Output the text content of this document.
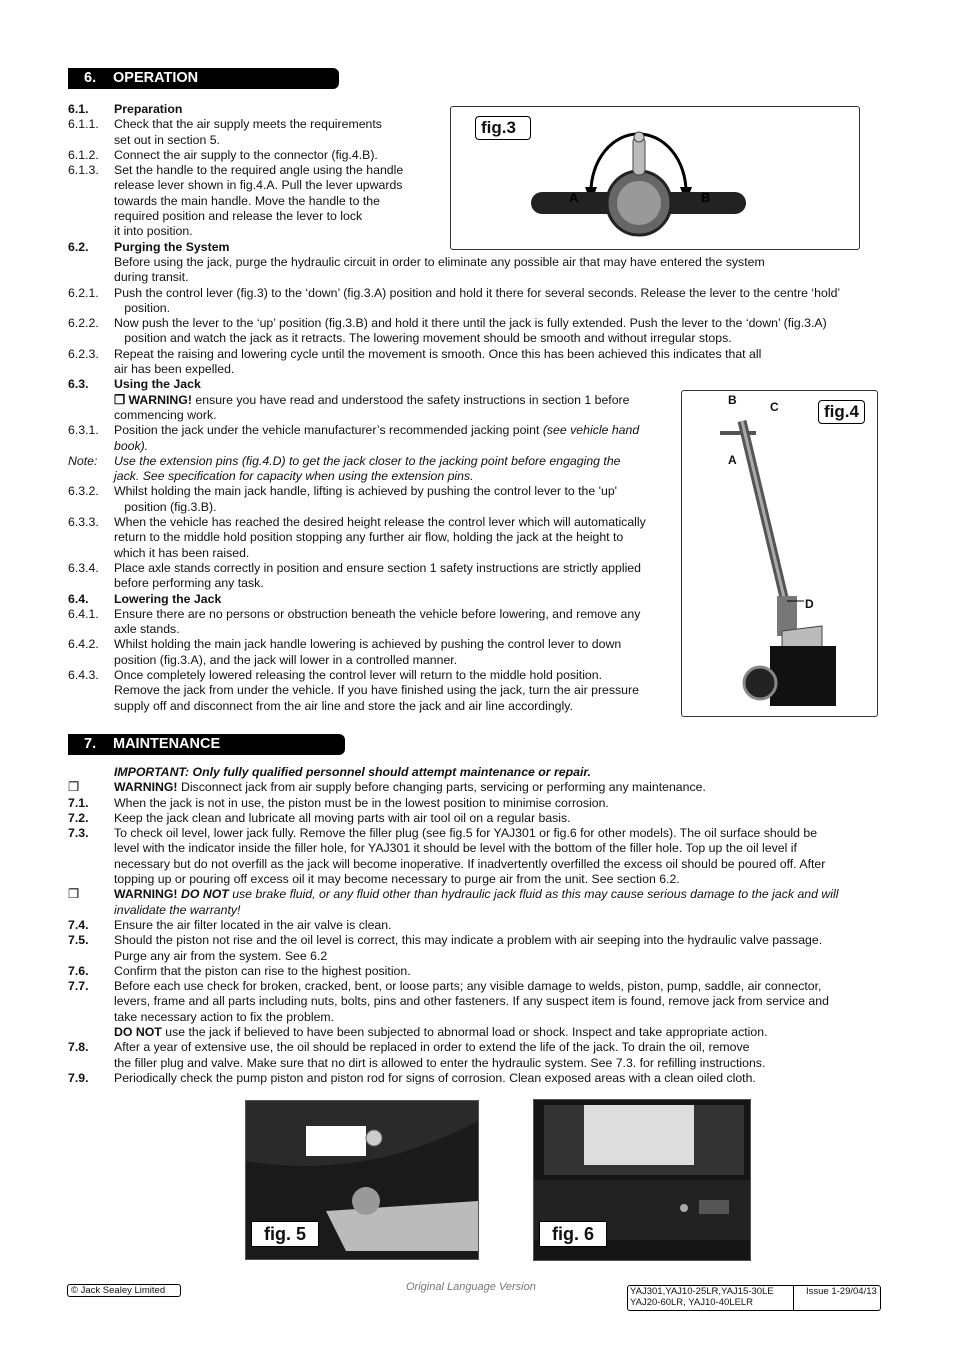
6. OPERATION
6.1.	Preparation
6.1.1.	Check that the air supply meets the requirements
set out in section 5.
6.1.2.	Connect the air supply to the connector (fig.4.B).
6.1.3.	Set the handle to the required angle using the handle
release lever shown in fig.4.A. Pull the lever upwards
towards the main handle. Move the handle to the
required position and release the lever to lock
it into position.
6.2.	Purging the System
Before using the jack, purge the hydraulic circuit in order to eliminate any possible air that may have entered the system
during transit.
6.2.1.	Push the control lever (fig.3) to the ‘down’ (fig.3.A) position and hold it there for several seconds. Release the lever to the centre ‘hold’
position.
6.2.2.	Now push the lever to the ‘up’ position (fig.3.B) and hold it there until the jack is fully extended. Push the lever to the ‘down’ (fig.3.A)
position and watch the jack as it retracts. The lowering movement should be smooth and without irregular stops.
6.2.3.	Repeat the raising and lowering cycle until the movement is smooth. Once this has been achieved this indicates that all
air has been expelled.
6.3.	Using the Jack
❒ WARNING! ensure you have read and understood the safety instructions in section 1 before
commencing work.
6.3.1.	Position the jack under the vehicle manufacturer’s recommended jacking point (see vehicle hand
book).
Note:	Use the extension pins (fig.4.D) to get the jack closer to the jacking point before engaging the
jack. See specification for capacity when using the extension pins.
6.3.2.	Whilst holding the main jack handle, lifting is achieved by pushing the control lever to the 'up'
position (fig.3.B).
6.3.3.	When the vehicle has reached the desired height release the control lever which will automatically
return to the middle hold position stopping any further air flow, holding the jack at the height to
which it has been raised.
6.3.4.	Place axle stands correctly in position and ensure section 1 safety instructions are strictly applied
before performing any task.
6.4.	Lowering the Jack
6.4.1.	Ensure there are no persons or obstruction beneath the vehicle before lowering, and remove any
axle stands.
6.4.2.	Whilst holding the main jack handle lowering is achieved by pushing the control lever to down
position (fig.3.A), and the jack will lower in a controlled manner.
6.4.3.	Once completely lowered releasing the control lever will return to the middle hold position.
Remove the jack from under the vehicle. If you have finished using the jack, turn the air pressure
supply off and disconnect from the air line and store the jack and air line accordingly.
fig.3
A	B
fig.4
B	C
A
D
7. MAINTENANCE
IMPORTANT: Only fully qualified personnel should attempt maintenance or repair.
❒	WARNING! Disconnect jack from air supply before changing parts, servicing or performing any maintenance.
7.1.	When the jack is not in use, the piston must be in the lowest position to minimise corrosion.
7.2.	Keep the jack clean and lubricate all moving parts with air tool oil on a regular basis.
7.3.	To check oil level, lower jack fully. Remove the filler plug (see fig.5 for YAJ301 or fig.6 for other models). The oil surface should be
level with the indicator inside the filler hole, for YAJ301 it should be level with the bottom of the filler hole. Top up the oil level if
necessary but do not overfill as the jack will become inoperative. If inadvertently overfilled the excess oil should be poured off. After
topping up or pouring off excess oil it may become necessary to purge air from the unit. See section 6.2.
❒	WARNING! DO NOT use brake fluid, or any fluid other than hydraulic jack fluid as this may cause serious damage to the jack and will
invalidate the warranty!
7.4.	Ensure the air filter located in the air valve is clean.
7.5.	Should the piston not rise and the oil level is correct, this may indicate a problem with air seeping into the hydraulic valve passage.
Purge any air from the system. See 6.2
7.6.	Confirm that the piston can rise to the highest position.
7.7.	Before each use check for broken, cracked, bent, or loose parts; any visible damage to welds, piston, pump, saddle, air connector,
levers, frame and all parts including nuts, bolts, pins and other fasteners. If any suspect item is found, remove jack from service and
take necessary action to fix the problem.
DO NOT use the jack if believed to have been subjected to abnormal load or shock. Inspect and take appropriate action.
7.8.	After a year of extensive use, the oil should be replaced in order to extend the life of the jack. To drain the oil, remove
the filler plug and valve. Make sure that no dirt is allowed to enter the hydraulic system. See 7.3. for refilling instructions.
7.9.	Periodically check the pump piston and piston rod for signs of corrosion. Clean exposed areas with a clean oiled cloth.
fig. 5	fig. 6
© Jack Sealey Limited	Original Language Version	YAJ301,YAJ10-25LR,YAJ15-30LE
YAJ20-60LR, YAJ10-40LELR
Issue 1-29/04/13
